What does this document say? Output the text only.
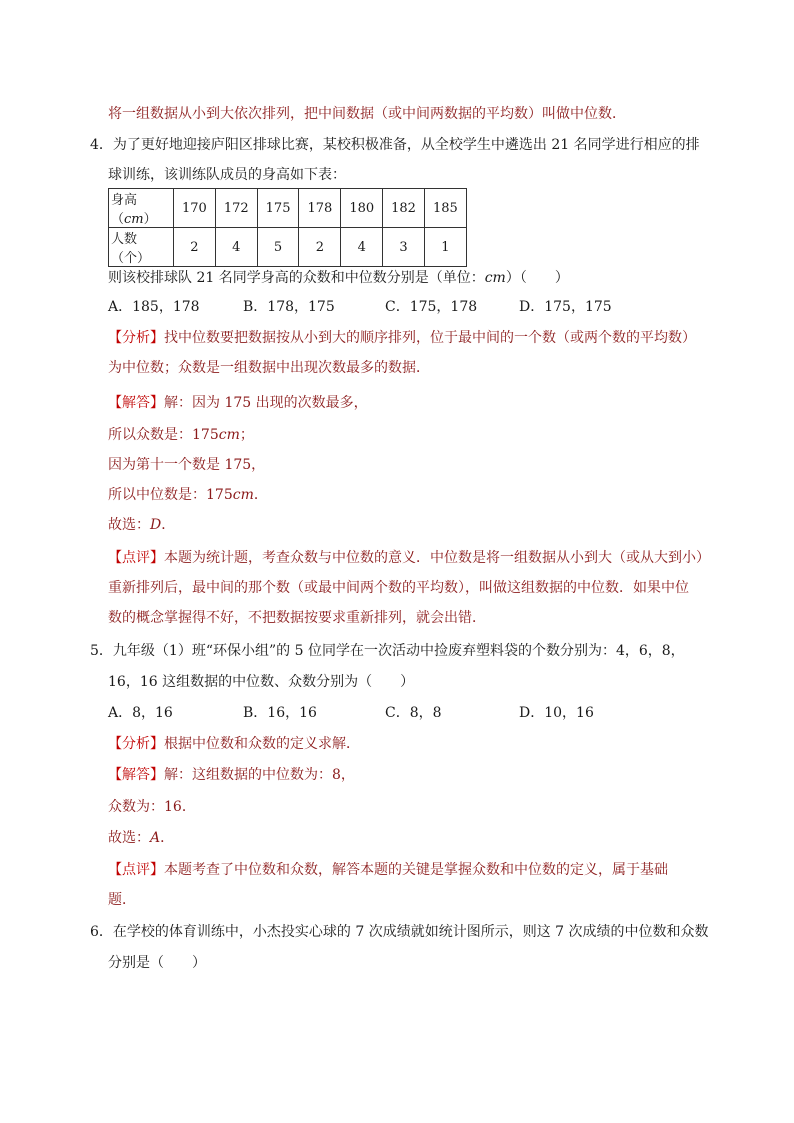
将一组数据从小到大依次排列，把中间数据（或中间两数据的平均数）叫做中位数．
4．为了更好地迎接庐阳区排球比赛，某校积极准备，从全校学生中遴选出 21 名同学进行相应的排
球训练，该训练队成员的身高如下表：
身高（cm）	170	172	175	178	180	182	185
人数（个）	2	4	5	2	4	3	1
则该校排球队 21 名同学身高的众数和中位数分别是（单位：cm）（　　）
A．185，178	B．178，175	C．175，178	D．175，175
【分析】找中位数要把数据按从小到大的顺序排列，位于最中间的一个数（或两个数的平均数）
为中位数；众数是一组数据中出现次数最多的数据．
【解答】解：因为 175 出现的次数最多，
所以众数是：175cm；
因为第十一个数是 175，
所以中位数是：175cm．
故选：D．
【点评】本题为统计题，考查众数与中位数的意义．中位数是将一组数据从小到大（或从大到小）
重新排列后，最中间的那个数（或最中间两个数的平均数），叫做这组数据的中位数．如果中位
数的概念掌握得不好，不把数据按要求重新排列，就会出错．
5．九年级（1）班“环保小组”的 5 位同学在一次活动中捡废弃塑料袋的个数分别为：4，6，8，
16，16 这组数据的中位数、众数分别为（　　）
A．8，16	B．16，16	C．8，8	D．10，16
【分析】根据中位数和众数的定义求解．
【解答】解：这组数据的中位数为：8，
众数为：16．
故选：A．
【点评】本题考查了中位数和众数，解答本题的关键是掌握众数和中位数的定义，属于基础
题．
6．在学校的体育训练中，小杰投实心球的 7 次成绩就如统计图所示，则这 7 次成绩的中位数和众数
分别是（　　）
